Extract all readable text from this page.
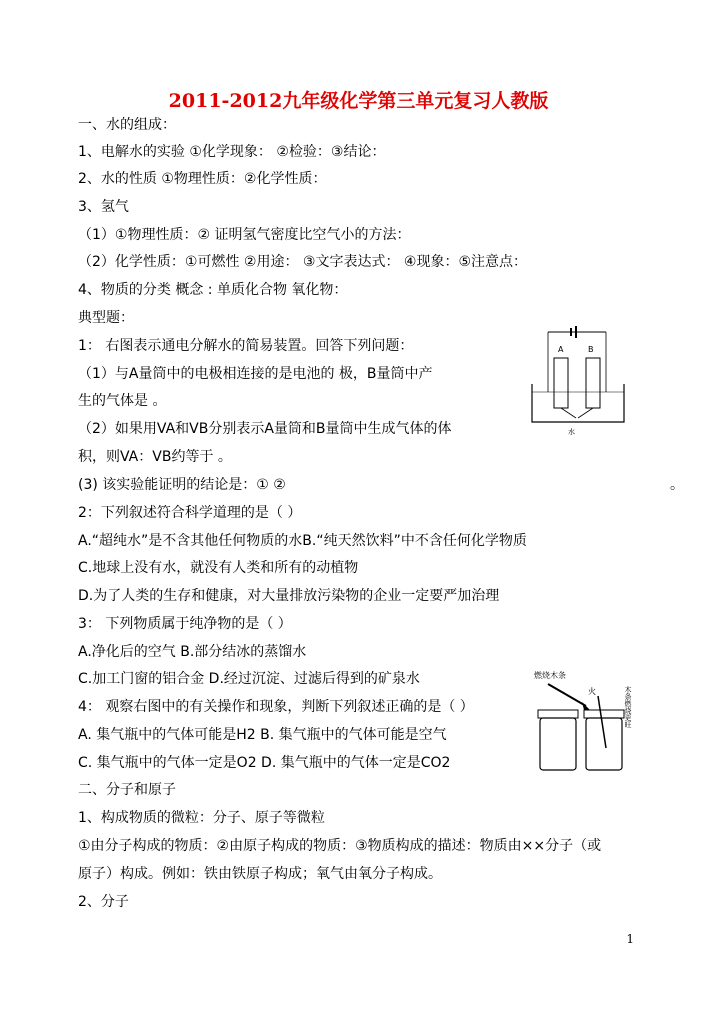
2011-2012九年级化学第三单元复习人教版
一、水的组成：
1、电解水的实验 ①化学现象： ②检验：③结论：
2、水的性质 ①物理性质：②化学性质：
3、氢气
（1）①物理性质：② 证明氢气密度比空气小的方法：
（2）化学性质：①可燃性 ②用途： ③文字表达式： ④现象：⑤注意点：
4、物质的分类 概念 : 单质化合物 氧化物：
典型题：
1： 右图表示通电分解水的简易装置。回答下列问题：
（1）与A量筒中的电极相连接的是电池的 极，B量筒中产
生的气体是 。
（2）如果用VA和VB分别表示A量筒和B量筒中生成气体的体
积，则VA：VB约等于 。
(3) 该实验能证明的结论是：① ②	。
2：下列叙述符合科学道理的是（ ）
A.“超纯水”是不含其他任何物质的水B.“纯天然饮料”中不含任何化学物质
C.地球上没有水，就没有人类和所有的动植物
D.为了人类的生存和健康，对大量排放污染物的企业一定要严加治理
3： 下列物质属于纯净物的是（ ）
A.净化后的空气 B.部分结冰的蒸馏水
C.加工门窗的铝合金 D.经过沉淀、过滤后得到的矿泉水
4： 观察右图中的有关操作和现象，判断下列叙述正确的是（ ）
A. 集气瓶中的气体可能是H2 B. 集气瓶中的气体可能是空气
C. 集气瓶中的气体一定是O2 D. 集气瓶中的气体一定是CO2
二、分子和原子
1、构成物质的微粒：分子、原子等微粒
①由分子构成的物质：②由原子构成的物质：③物质构成的描述：物质由××分子（或
原子）构成。例如：铁由铁原子构成；氧气由氧分子构成。
2、分子
A	B
水
燃烧木条
火	木条燃烧更旺
1
